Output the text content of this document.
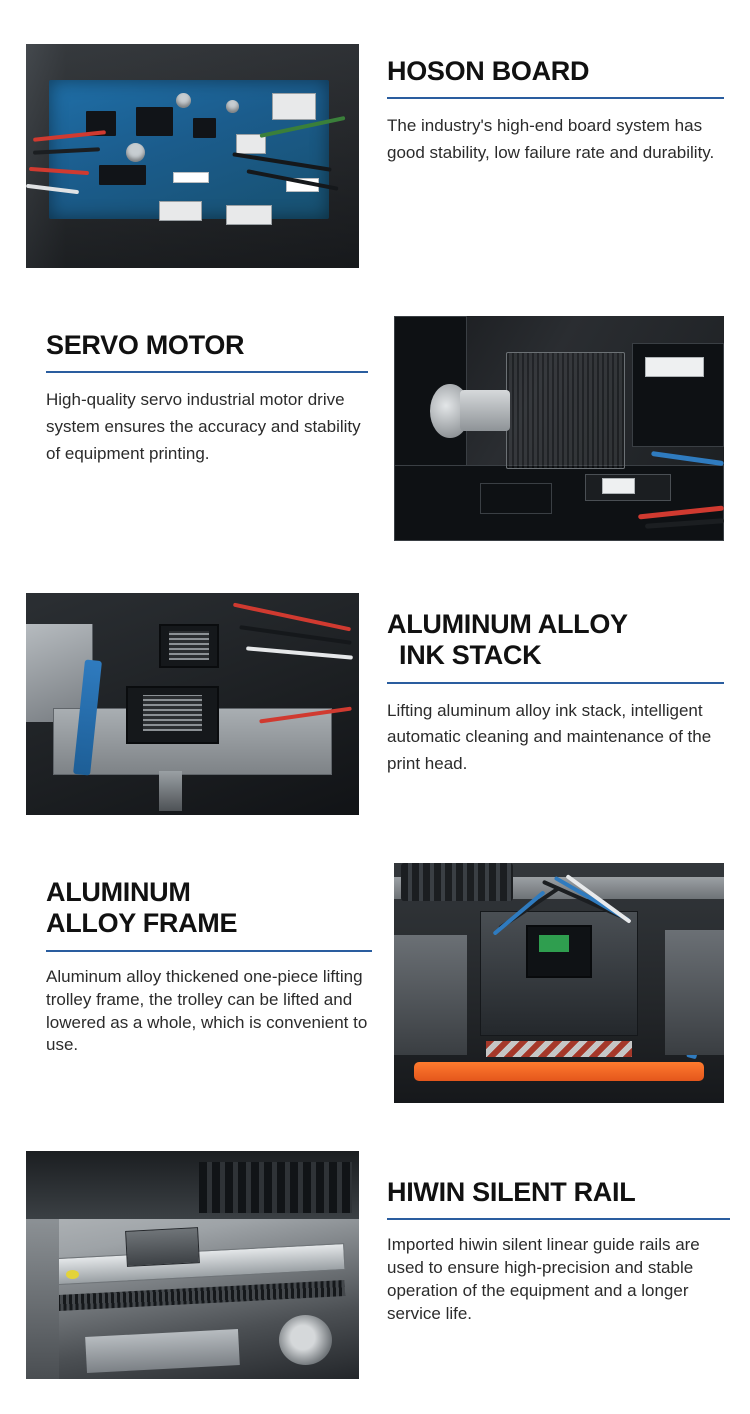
HOSON BOARD

The industry's high-end board system has good stability, low failure rate and durability.

SERVO MOTOR

High-quality servo industrial motor drive system ensures the accuracy and stability of equipment printing.

ALUMINUM ALLOY
INK STACK

Lifting aluminum alloy ink stack, intelligent automatic cleaning and maintenance of the print head.

ALUMINUM
ALLOY FRAME

Aluminum alloy thickened one-piece lifting trolley frame, the trolley can be lifted and lowered as a whole, which is convenient to use.

HIWIN SILENT RAIL

Imported hiwin silent linear guide rails are used to ensure high-precision and stable operation of the equipment and a longer service life.
